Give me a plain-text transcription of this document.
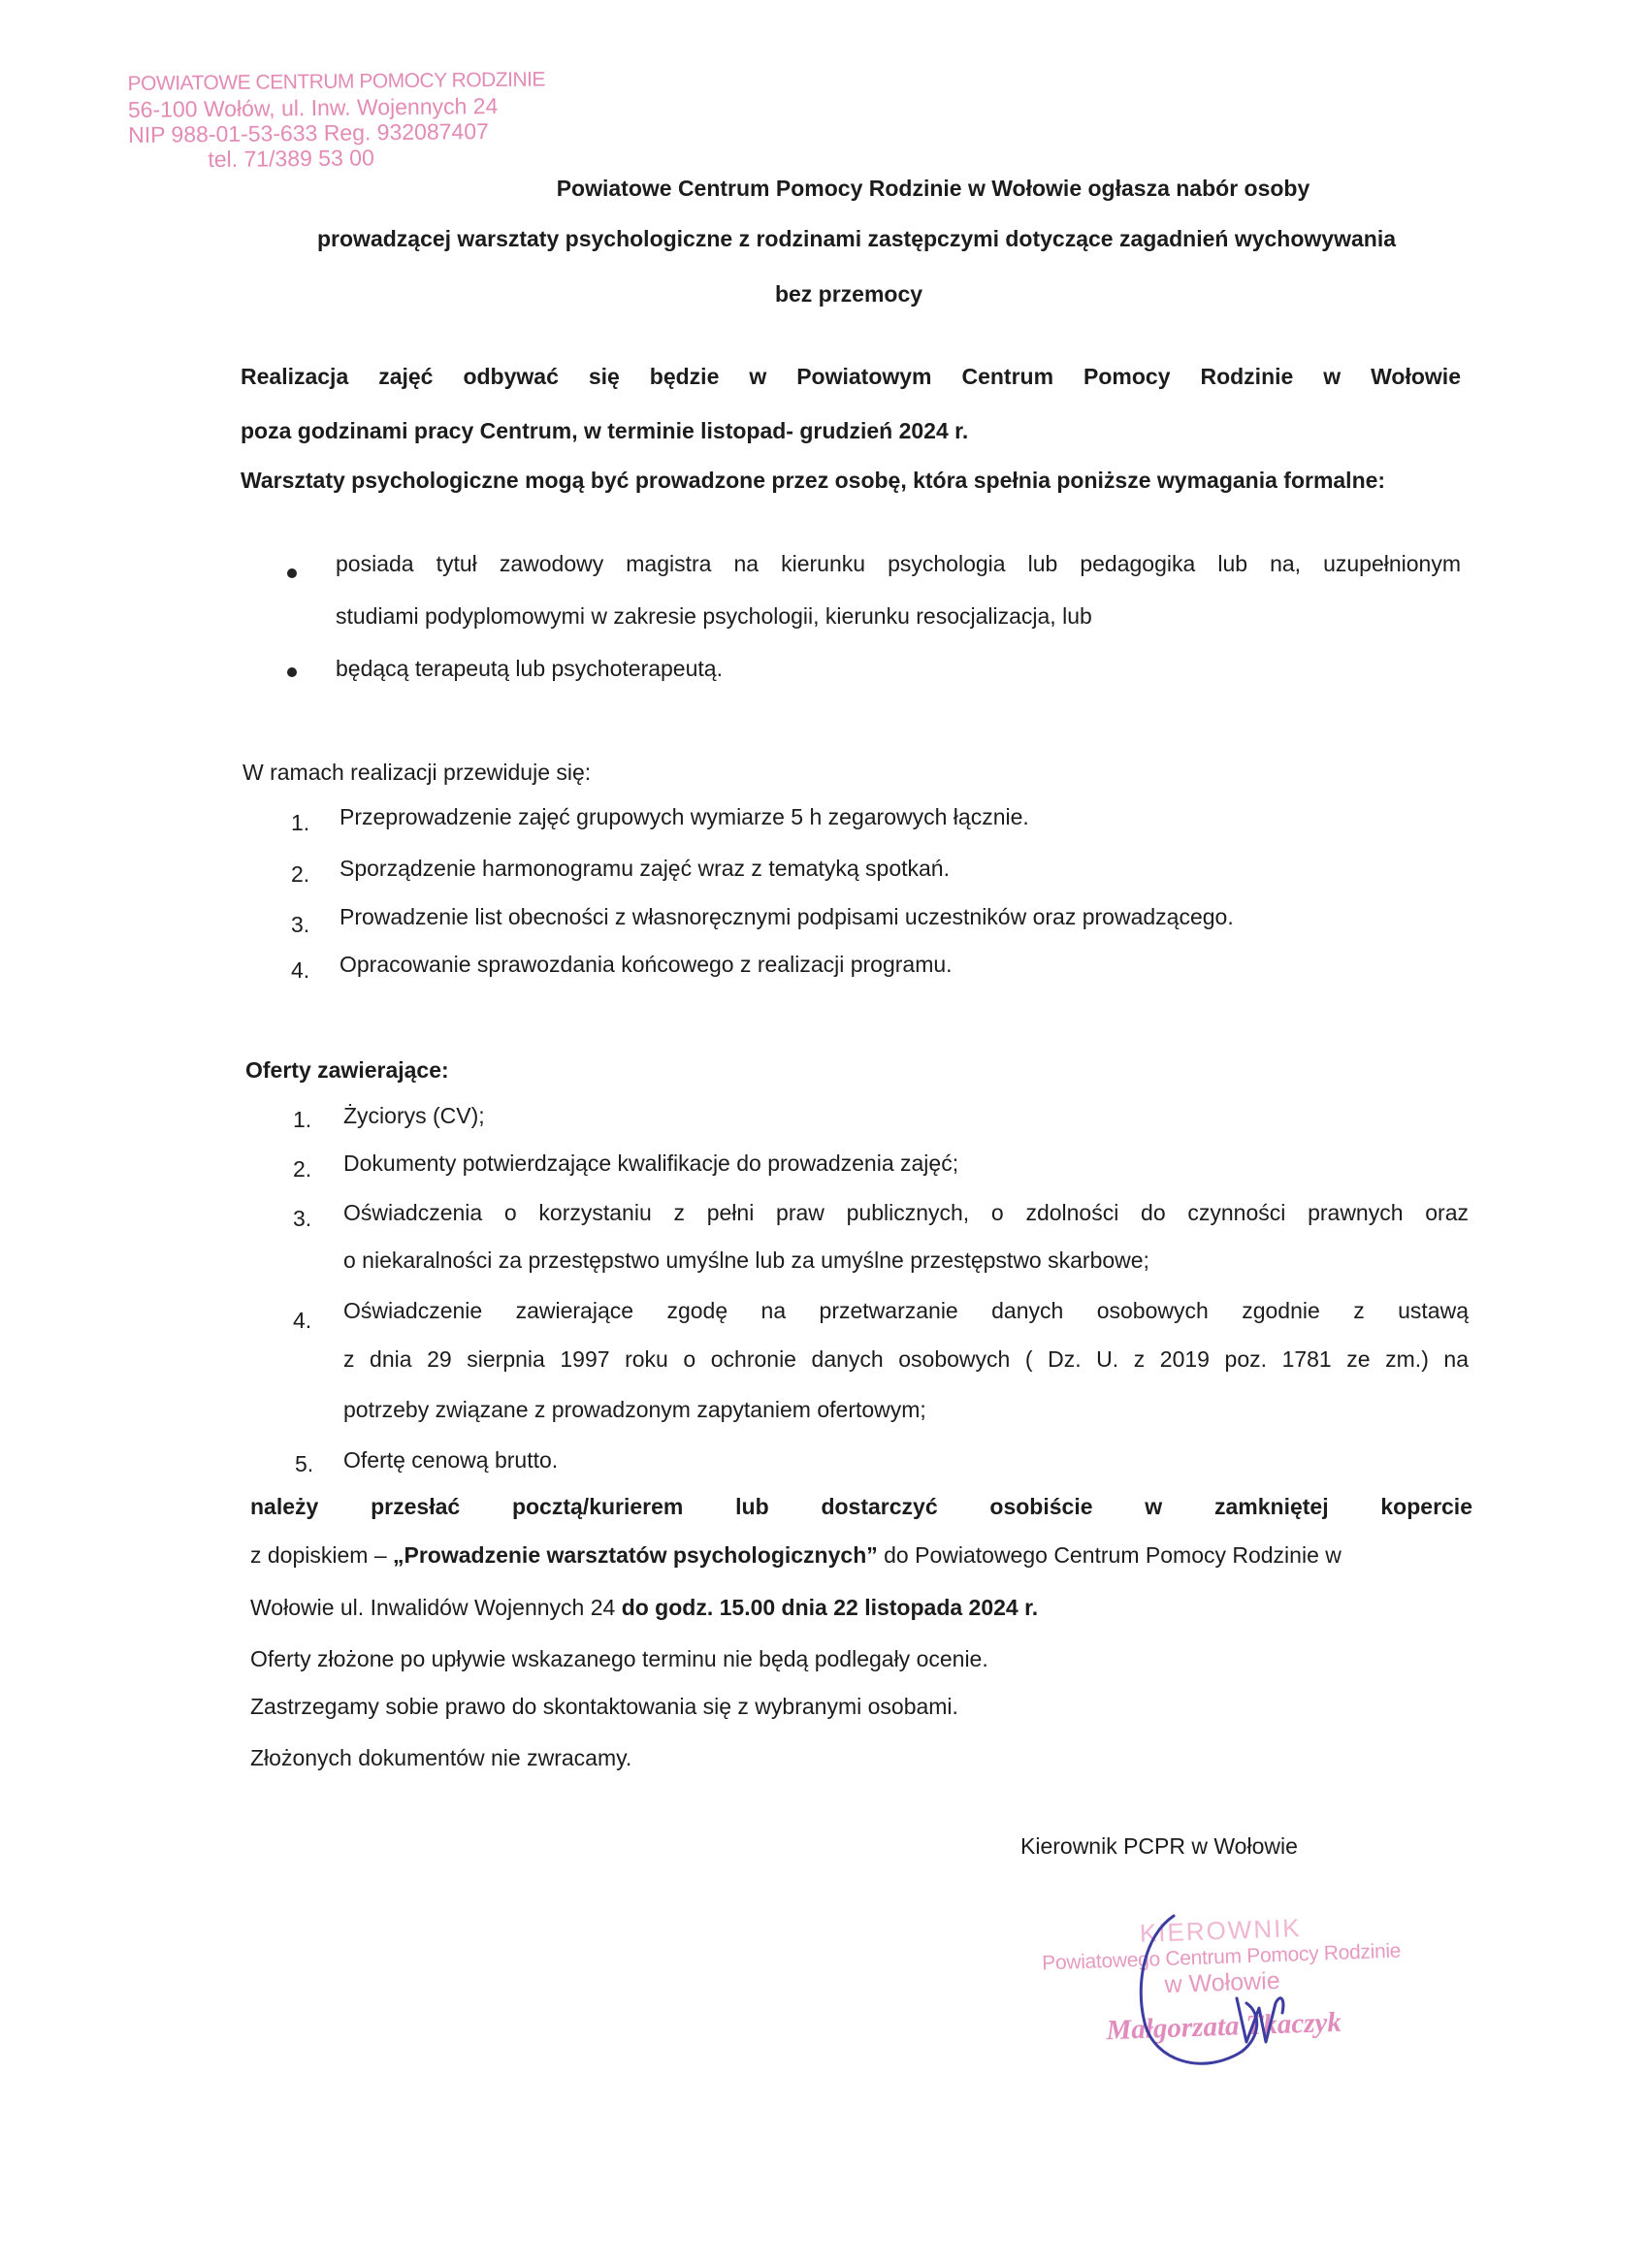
POWIATOWE CENTRUM POMOCY RODZINIE
56-100 Wołów, ul. Inw. Wojennych 24
NIP 988-01-53-633 Reg. 932087407
tel. 71/389 53 00
Powiatowe Centrum Pomocy Rodzinie w Wołowie ogłasza nabór osoby
prowadzącej warsztaty psychologiczne z rodzinami zastępczymi dotyczące zagadnień wychowywania
bez przemocy
Realizacja zajęć odbywać się będzie w Powiatowym Centrum Pomocy Rodzinie w Wołowie
poza godzinami pracy Centrum, w terminie listopad- grudzień 2024 r.
Warsztaty psychologiczne mogą być prowadzone przez osobę, która spełnia poniższe wymagania formalne:
posiada tytuł zawodowy magistra na kierunku psychologia lub pedagogika lub na, uzupełnionym
studiami podyplomowymi w zakresie psychologii, kierunku resocjalizacja, lub
będącą terapeutą lub psychoterapeutą.
W ramach realizacji przewiduje się:
1. Przeprowadzenie zajęć grupowych wymiarze 5 h zegarowych łącznie.
2. Sporządzenie harmonogramu zajęć wraz z tematyką spotkań.
3. Prowadzenie list obecności z własnoręcznymi podpisami uczestników oraz prowadzącego.
4. Opracowanie sprawozdania końcowego z realizacji programu.
Oferty zawierające:
1. Życiorys (CV);
2. Dokumenty potwierdzające kwalifikacje do prowadzenia zajęć;
3. Oświadczenia o korzystaniu z pełni praw publicznych, o zdolności do czynności prawnych oraz
o niekaralności za przestępstwo umyślne lub za umyślne przestępstwo skarbowe;
4. Oświadczenie zawierające zgodę na przetwarzanie danych osobowych zgodnie z ustawą
z dnia 29 sierpnia 1997 roku o ochronie danych osobowych ( Dz. U. z 2019 poz. 1781 ze zm.) na
potrzeby związane z prowadzonym zapytaniem ofertowym;
5. Ofertę cenową brutto.
należy przesłać pocztą/kurierem lub dostarczyć osobiście w zamkniętej kopercie
z dopiskiem – „Prowadzenie warsztatów psychologicznych” do Powiatowego Centrum Pomocy Rodzinie w
Wołowie ul. Inwalidów Wojennych 24 do godz. 15.00 dnia 22 listopada 2024 r.
Oferty złożone po upływie wskazanego terminu nie będą podlegały ocenie.
Zastrzegamy sobie prawo do skontaktowania się z wybranymi osobami.
Złożonych dokumentów nie zwracamy.
Kierownik PCPR w Wołowie
KIEROWNIK
Powiatowego Centrum Pomocy Rodzinie
w Wołowie
Małgorzata Tkaczyk
